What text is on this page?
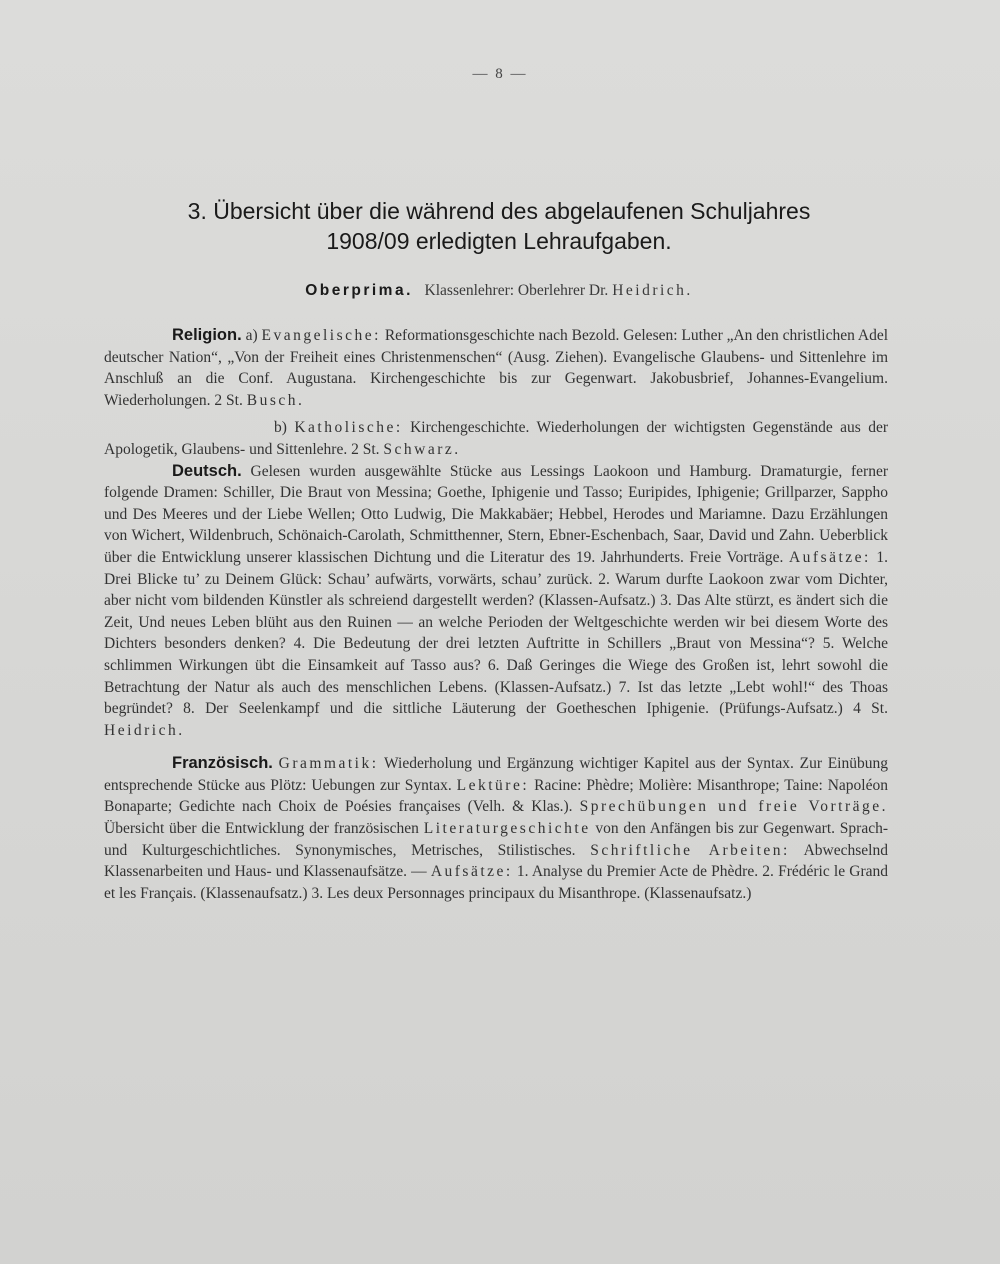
— 8 —
3. Übersicht über die während des abgelaufenen Schuljahres
1908/09 erledigten Lehraufgaben.
Oberprima. Klassenlehrer: Oberlehrer Dr. Heidrich.

Religion. a) Evangelische: Reformationsgeschichte nach Bezold. Gelesen: Luther „An den christlichen Adel deutscher Nation“, „Von der Freiheit eines Christenmenschen“ (Ausg. Ziehen). Evangelische Glaubens- und Sittenlehre im Anschluß an die Conf. Augustana. Kirchengeschichte bis zur Gegenwart. Jakobusbrief, Johannes-Evangelium. Wiederholungen. 2 St. Busch.

b) Katholische: Kirchengeschichte. Wiederholungen der wichtigsten Gegenstände aus der Apologetik, Glaubens- und Sittenlehre. 2 St. Schwarz.

Deutsch. Gelesen wurden ausgewählte Stücke aus Lessings Laokoon und Hamburg. Dramaturgie, ferner folgende Dramen: Schiller, Die Braut von Messina; Goethe, Iphigenie und Tasso; Euripides, Iphigenie; Grillparzer, Sappho und Des Meeres und der Liebe Wellen; Otto Ludwig, Die Makkabäer; Hebbel, Herodes und Mariamne. Dazu Erzählungen von Wichert, Wildenbruch, Schönaich-Carolath, Schmitthenner, Stern, Ebner-Eschenbach, Saar, David und Zahn. Ueberblick über die Entwicklung unserer klassischen Dichtung und die Literatur des 19. Jahrhunderts. Freie Vorträge. Aufsätze: 1. Drei Blicke tu’ zu Deinem Glück: Schau’ aufwärts, vorwärts, schau’ zurück. 2. Warum durfte Laokoon zwar vom Dichter, aber nicht vom bildenden Künstler als schreiend dargestellt werden? (Klassen-Aufsatz.) 3. Das Alte stürzt, es ändert sich die Zeit, Und neues Leben blüht aus den Ruinen — an welche Perioden der Weltgeschichte werden wir bei diesem Worte des Dichters besonders denken? 4. Die Bedeutung der drei letzten Auftritte in Schillers „Braut von Messina“? 5. Welche schlimmen Wirkungen übt die Einsamkeit auf Tasso aus? 6. Daß Geringes die Wiege des Großen ist, lehrt sowohl die Betrachtung der Natur als auch des menschlichen Lebens. (Klassen-Aufsatz.) 7. Ist das letzte „Lebt wohl!“ des Thoas begründet? 8. Der Seelenkampf und die sittliche Läuterung der Goetheschen Iphigenie. (Prüfungs-Aufsatz.) 4 St. Heidrich.

Französisch. Grammatik: Wiederholung und Ergänzung wichtiger Kapitel aus der Syntax. Zur Einübung entsprechende Stücke aus Plötz: Uebungen zur Syntax. Lektüre: Racine: Phèdre; Molière: Misanthrope; Taine: Napoléon Bonaparte; Gedichte nach Choix de Poésies françaises (Velh. & Klas.). Sprechübungen und freie Vorträge. Übersicht über die Entwicklung der französischen Literaturgeschichte von den Anfängen bis zur Gegenwart. Sprach- und Kulturgeschichtliches. Synonymisches, Metrisches, Stilistisches. Schriftliche Arbeiten: Abwechselnd Klassenarbeiten und Haus- und Klassenaufsätze. — Aufsätze: 1. Analyse du Premier Acte de Phèdre. 2. Frédéric le Grand et les Français. (Klassenaufsatz.) 3. Les deux Personnages principaux du Misanthrope. (Klassenaufsatz.)
